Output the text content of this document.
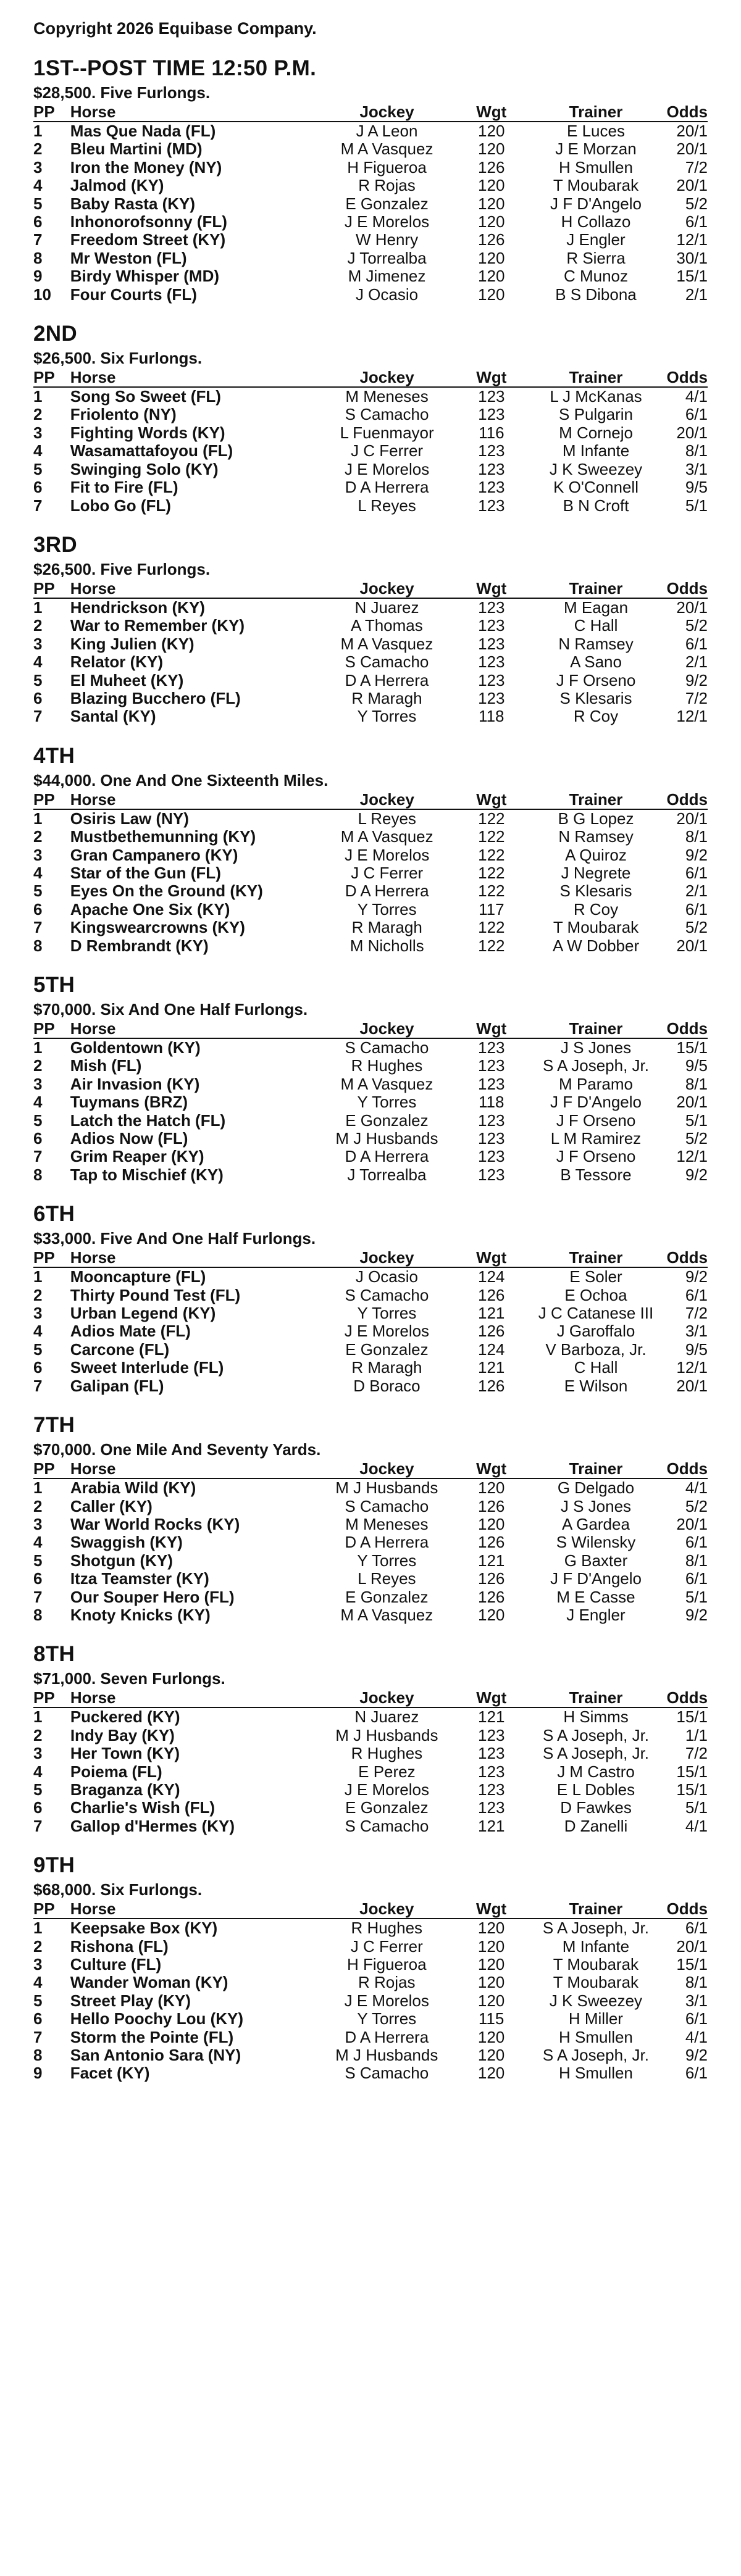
Copyright 2026 Equibase Company.

1ST--POST TIME 12:50 P.M.
$28,500. Five Furlongs.
PP	Horse	Jockey	Wgt	Trainer	Odds
1	Mas Que Nada (FL)	J A Leon	120	E Luces	20/1
2	Bleu Martini (MD)	M A Vasquez	120	J E Morzan	20/1
3	Iron the Money (NY)	H Figueroa	126	H Smullen	7/2
4	Jalmod (KY)	R Rojas	120	T Moubarak	20/1
5	Baby Rasta (KY)	E Gonzalez	120	J F D'Angelo	5/2
6	Inhonorofsonny (FL)	J E Morelos	120	H Collazo	6/1
7	Freedom Street (KY)	W Henry	126	J Engler	12/1
8	Mr Weston (FL)	J Torrealba	120	R Sierra	30/1
9	Birdy Whisper (MD)	M Jimenez	120	C Munoz	15/1
10	Four Courts (FL)	J Ocasio	120	B S Dibona	2/1
2ND
$26,500. Six Furlongs.
PP	Horse	Jockey	Wgt	Trainer	Odds
1	Song So Sweet (FL)	M Meneses	123	L J McKanas	4/1
2	Friolento (NY)	S Camacho	123	S Pulgarin	6/1
3	Fighting Words (KY)	L Fuenmayor	116	M Cornejo	20/1
4	Wasamattafoyou (FL)	J C Ferrer	123	M Infante	8/1
5	Swinging Solo (KY)	J E Morelos	123	J K Sweezey	3/1
6	Fit to Fire (FL)	D A Herrera	123	K O'Connell	9/5
7	Lobo Go (FL)	L Reyes	123	B N Croft	5/1
3RD
$26,500. Five Furlongs.
PP	Horse	Jockey	Wgt	Trainer	Odds
1	Hendrickson (KY)	N Juarez	123	M Eagan	20/1
2	War to Remember (KY)	A Thomas	123	C Hall	5/2
3	King Julien (KY)	M A Vasquez	123	N Ramsey	6/1
4	Relator (KY)	S Camacho	123	A Sano	2/1
5	El Muheet (KY)	D A Herrera	123	J F Orseno	9/2
6	Blazing Bucchero (FL)	R Maragh	123	S Klesaris	7/2
7	Santal (KY)	Y Torres	118	R Coy	12/1
4TH
$44,000. One And One Sixteenth Miles.
PP	Horse	Jockey	Wgt	Trainer	Odds
1	Osiris Law (NY)	L Reyes	122	B G Lopez	20/1
2	Mustbethemunning (KY)	M A Vasquez	122	N Ramsey	8/1
3	Gran Campanero (KY)	J E Morelos	122	A Quiroz	9/2
4	Star of the Gun (FL)	J C Ferrer	122	J Negrete	6/1
5	Eyes On the Ground (KY)	D A Herrera	122	S Klesaris	2/1
6	Apache One Six (KY)	Y Torres	117	R Coy	6/1
7	Kingswearcrowns (KY)	R Maragh	122	T Moubarak	5/2
8	D Rembrandt (KY)	M Nicholls	122	A W Dobber	20/1
5TH
$70,000. Six And One Half Furlongs.
PP	Horse	Jockey	Wgt	Trainer	Odds
1	Goldentown (KY)	S Camacho	123	J S Jones	15/1
2	Mish (FL)	R Hughes	123	S A Joseph, Jr.	9/5
3	Air Invasion (KY)	M A Vasquez	123	M Paramo	8/1
4	Tuymans (BRZ)	Y Torres	118	J F D'Angelo	20/1
5	Latch the Hatch (FL)	E Gonzalez	123	J F Orseno	5/1
6	Adios Now (FL)	M J Husbands	123	L M Ramirez	5/2
7	Grim Reaper (KY)	D A Herrera	123	J F Orseno	12/1
8	Tap to Mischief (KY)	J Torrealba	123	B Tessore	9/2
6TH
$33,000. Five And One Half Furlongs.
PP	Horse	Jockey	Wgt	Trainer	Odds
1	Mooncapture (FL)	J Ocasio	124	E Soler	9/2
2	Thirty Pound Test (FL)	S Camacho	126	E Ochoa	6/1
3	Urban Legend (KY)	Y Torres	121	J C Catanese III	7/2
4	Adios Mate (FL)	J E Morelos	126	J Garoffalo	3/1
5	Carcone (FL)	E Gonzalez	124	V Barboza, Jr.	9/5
6	Sweet Interlude (FL)	R Maragh	121	C Hall	12/1
7	Galipan (FL)	D Boraco	126	E Wilson	20/1
7TH
$70,000. One Mile And Seventy Yards.
PP	Horse	Jockey	Wgt	Trainer	Odds
1	Arabia Wild (KY)	M J Husbands	120	G Delgado	4/1
2	Caller (KY)	S Camacho	126	J S Jones	5/2
3	War World Rocks (KY)	M Meneses	120	A Gardea	20/1
4	Swaggish (KY)	D A Herrera	126	S Wilensky	6/1
5	Shotgun (KY)	Y Torres	121	G Baxter	8/1
6	Itza Teamster (KY)	L Reyes	126	J F D'Angelo	6/1
7	Our Souper Hero (FL)	E Gonzalez	126	M E Casse	5/1
8	Knoty Knicks (KY)	M A Vasquez	120	J Engler	9/2
8TH
$71,000. Seven Furlongs.
PP	Horse	Jockey	Wgt	Trainer	Odds
1	Puckered (KY)	N Juarez	121	H Simms	15/1
2	Indy Bay (KY)	M J Husbands	123	S A Joseph, Jr.	1/1
3	Her Town (KY)	R Hughes	123	S A Joseph, Jr.	7/2
4	Poiema (FL)	E Perez	123	J M Castro	15/1
5	Braganza (KY)	J E Morelos	123	E L Dobles	15/1
6	Charlie's Wish (FL)	E Gonzalez	123	D Fawkes	5/1
7	Gallop d'Hermes (KY)	S Camacho	121	D Zanelli	4/1
9TH
$68,000. Six Furlongs.
PP	Horse	Jockey	Wgt	Trainer	Odds
1	Keepsake Box (KY)	R Hughes	120	S A Joseph, Jr.	6/1
2	Rishona (FL)	J C Ferrer	120	M Infante	20/1
3	Culture (FL)	H Figueroa	120	T Moubarak	15/1
4	Wander Woman (KY)	R Rojas	120	T Moubarak	8/1
5	Street Play (KY)	J E Morelos	120	J K Sweezey	3/1
6	Hello Poochy Lou (KY)	Y Torres	115	H Miller	6/1
7	Storm the Pointe (FL)	D A Herrera	120	H Smullen	4/1
8	San Antonio Sara (NY)	M J Husbands	120	S A Joseph, Jr.	9/2
9	Facet (KY)	S Camacho	120	H Smullen	6/1
